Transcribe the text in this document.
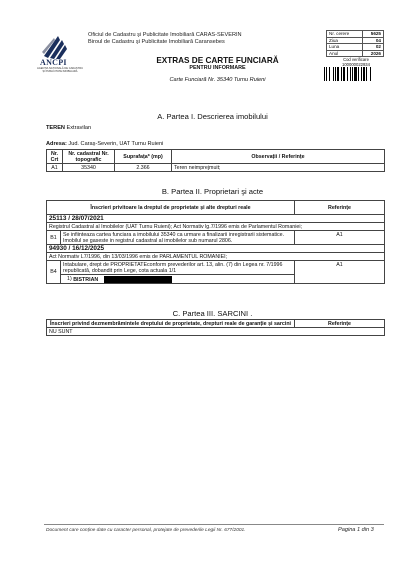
ANCPI
AGENȚIA NAȚIONALĂ DE CADASTRU ȘI PUBLICITATE IMOBILIARĂ
Oficiul de Cadastru şi Publicitate Imobiliară CARAS-SEVERIN
Biroul de Cadastru şi Publicitate Imobiliară Caransebes
EXTRAS DE CARTE FUNCIARĂ
PENTRU INFORMARE
Carte Funciară Nr. 35340 Turnu Ruieni
Nr. cerere	5625
Ziua	04
Luna	02
Anul	2026
Cod verificare
100000022934
A. Partea I. Descrierea imobilului
TEREN Extravilan
Adresa: Jud. Caraș-Severin, UAT Turnu Ruieni
Nr. Crt	Nr. cadastral Nr. topografic	Suprafața* (mp)	Observații / Referințe
A1	35340	2.366	Teren neimprejmuit;
B. Partea II. Proprietari şi acte
Înscrieri privitoare la dreptul de proprietate și alte drepturi reale		Referințe
25113 / 28/07/2021		
Registrul Cadastral al Imobilelor (UAT Turnu Ruieni); Act Normativ lg.7/1996 emis de Parlamentul Romaniei;		
B1	Se infiinteaza cartea funciara a imobilului 35340 ca urmare a finalizarii inregistrarii sistematice. Imobilul se gaseste in registrul cadastral al imobilelor sub numarul 2806.	A1
94930 / 16/12/2025		
Act Normativ L7/1996, din 13/03/1996 emis de PARLAMENTUL ROMANIEI;		
B4	Intabulare, drept de PROPRIETATEconform prevederilor art. 13, alin. (7) din Legea nr. 7/1996 republicată, dobandit prin Lege, cota actuala 1/1	A1
	1) BISTRIAN	
C. Partea III. SARCINI .
Înscrieri privind dezmembrămintele dreptului de proprietate, drepturi reale de garanție și sarcini	Referințe
NU SUNT
Document care conține date cu caracter personal, protejate de prevederile Legii Nr. 677/2001.	Pagina 1 din 3
